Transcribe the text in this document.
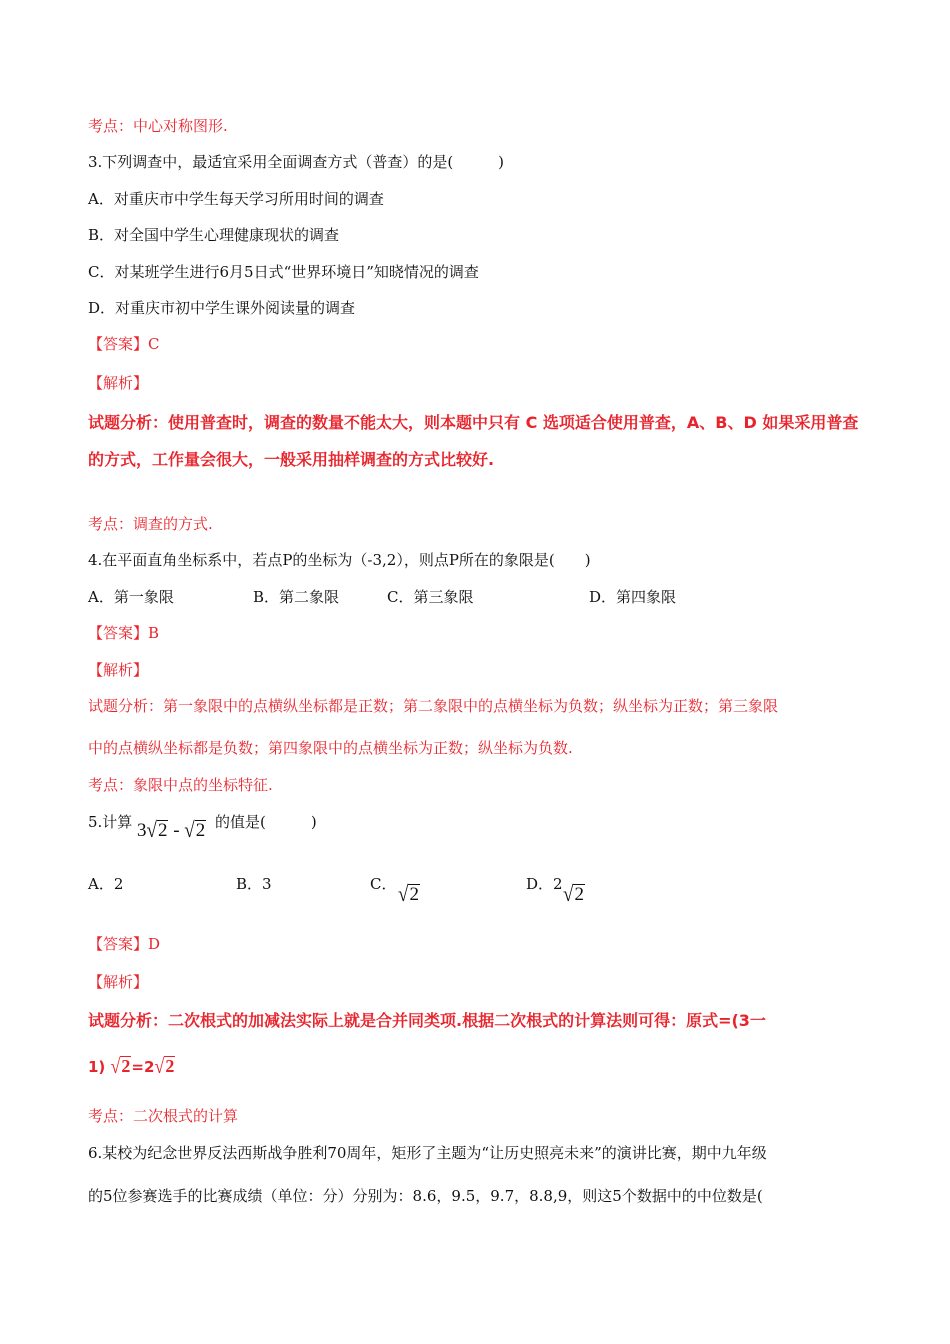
考点：中心对称图形.
3.下列调查中，最适宜采用全面调查方式（普查）的是(　　　)
A．对重庆市中学生每天学习所用时间的调查
B．对全国中学生心理健康现状的调查
C．对某班学生进行6月5日式“世界环境日”知晓情况的调查
D．对重庆市初中学生课外阅读量的调查
【答案】C
【解析】
试题分析：使用普查时，调查的数量不能太大，则本题中只有 C 选项适合使用普查，A、B、D 如果采用普查
的方式，工作量会很大，一般采用抽样调查的方式比较好.
考点：调查的方式.
4.在平面直角坐标系中，若点P的坐标为（-3,2），则点P所在的象限是(　　)
A．第一象限	B．第二象限	C．第三象限	D．第四象限
【答案】B
【解析】
试题分析：第一象限中的点横纵坐标都是正数；第二象限中的点横坐标为负数；纵坐标为正数；第三象限
中的点横纵坐标都是负数；第四象限中的点横坐标为正数；纵坐标为负数.
考点：象限中点的坐标特征.
5.计算 3√2 - √2 的值是(　　　)
A．2	B．3	C． √2	D．2 √2
【答案】D
【解析】
试题分析：二次根式的加减法实际上就是合并同类项.根据二次根式的计算法则可得：原式=(3一
1) √2=2√2
考点：二次根式的计算
6.某校为纪念世界反法西斯战争胜利70周年，矩形了主题为“让历史照亮未来”的演讲比赛，期中九年级
的5位参赛选手的比赛成绩（单位：分）分别为：8.6，9.5，9.7，8.8,9，则这5个数据中的中位数是(
